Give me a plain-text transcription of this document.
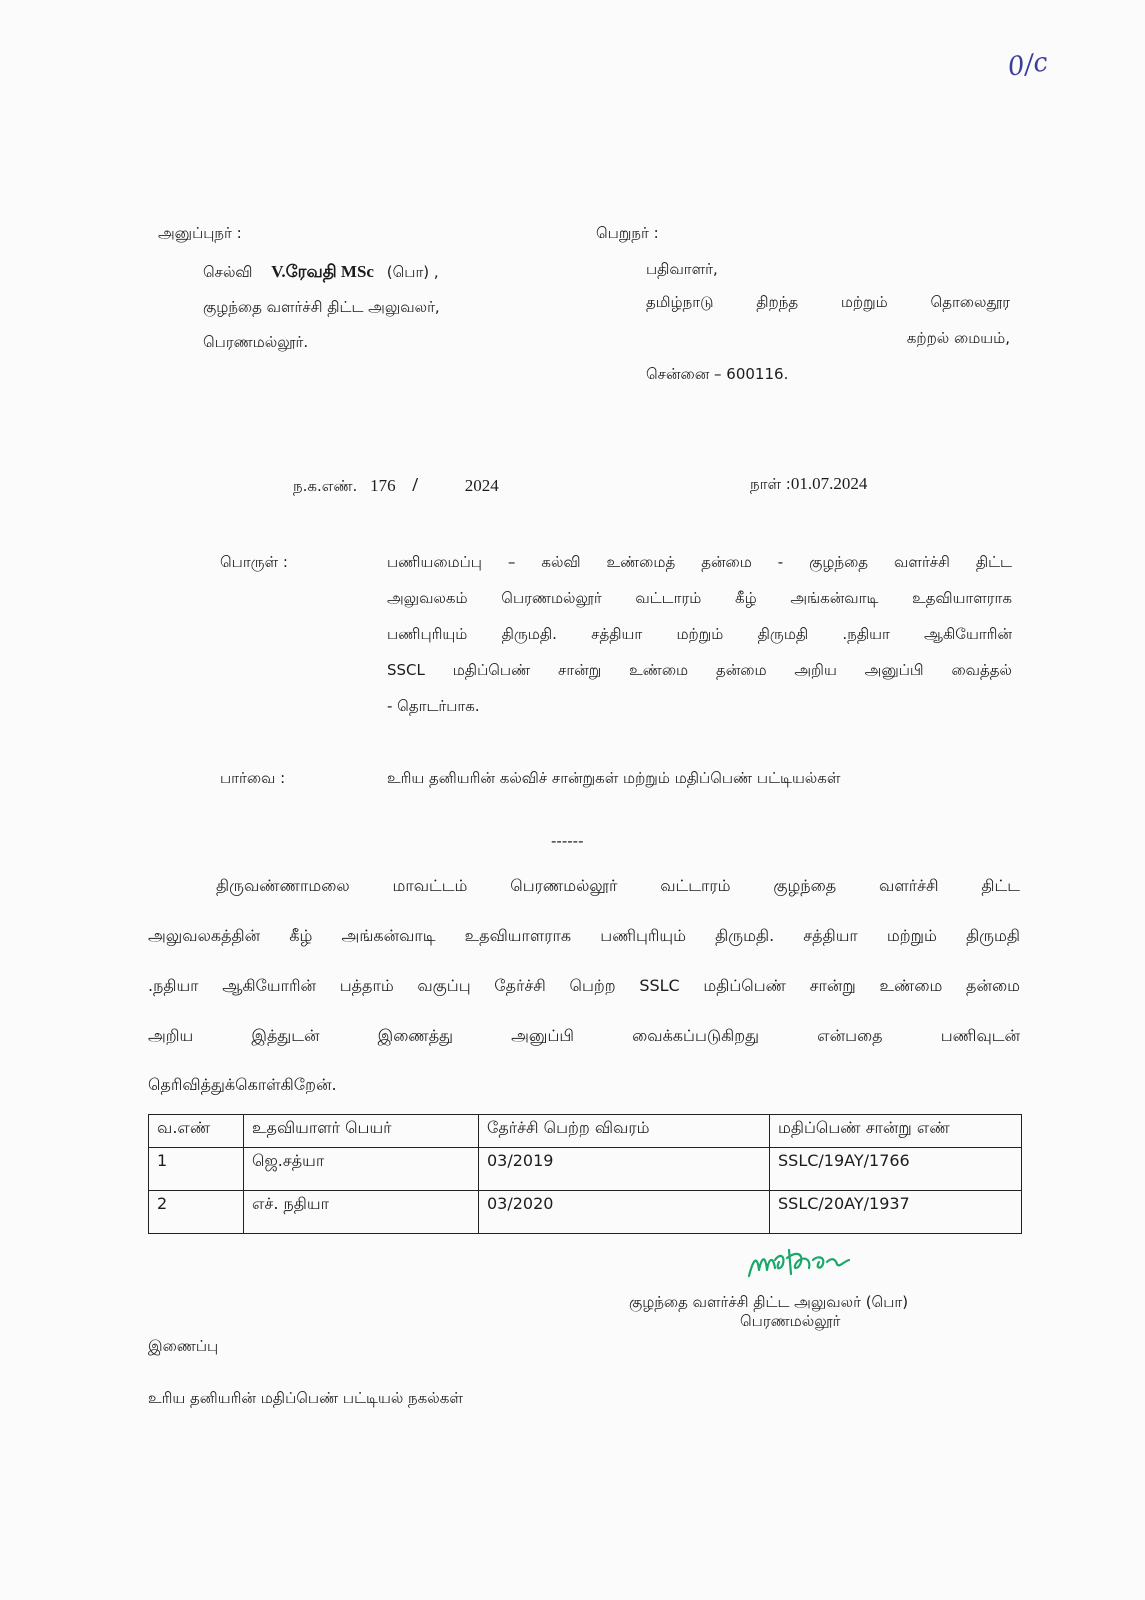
0/c
அனுப்புநர் :
செல்வி V.ரேவதி MSc (பொ) ,
குழந்தை வளர்ச்சி திட்ட அலுவலர்,
பெரணமல்லூர்.
பெறுநர் :
பதிவாளர்,
தமிழ்நாடு திறந்த மற்றும் தொலைதூர
கற்றல் மையம்,
சென்னை – 600116.
ந.க.எண். 176 /	2024	நாள் :01.07.2024
பொருள் :	பணியமைப்பு – கல்வி உண்மைத் தன்மை - குழந்தை வளர்ச்சி திட்ட
அலுவலகம் பெரணமல்லூர் வட்டாரம் கீழ் அங்கன்வாடி உதவியாளராக
பணிபுரியும் திருமதி. சத்தியா மற்றும் திருமதி .நதியா ஆகியோரின்
SSCL மதிப்பெண் சான்று உண்மை தன்மை அறிய அனுப்பி வைத்தல்
- தொடர்பாக.
பார்வை :	உரிய தனியரின் கல்விச் சான்றுகள் மற்றும் மதிப்பெண் பட்டியல்கள்
------
திருவண்ணாமலை மாவட்டம் பெரணமல்லூர் வட்டாரம் குழந்தை வளர்ச்சி திட்ட
அலுவலகத்தின் கீழ் அங்கன்வாடி உதவியாளராக பணிபுரியும் திருமதி. சத்தியா மற்றும் திருமதி
.நதியா ஆகியோரின் பத்தாம் வகுப்பு தேர்ச்சி பெற்ற SSLC மதிப்பெண் சான்று உண்மை தன்மை
அறிய இத்துடன் இணைத்து அனுப்பி வைக்கப்படுகிறது என்பதை பணிவுடன்
தெரிவித்துக்கொள்கிறேன்.
வ.எண்	உதவியாளர் பெயர்	தேர்ச்சி பெற்ற விவரம்	மதிப்பெண் சான்று எண்
1	ஜெ.சத்யா	03/2019	SSLC/19AY/1766
2	எச். நதியா	03/2020	SSLC/20AY/1937
குழந்தை வளர்ச்சி திட்ட அலுவலர் (பொ)
பெரணமல்லூர்
இணைப்பு
உரிய தனியரின் மதிப்பெண் பட்டியல் நகல்கள்
